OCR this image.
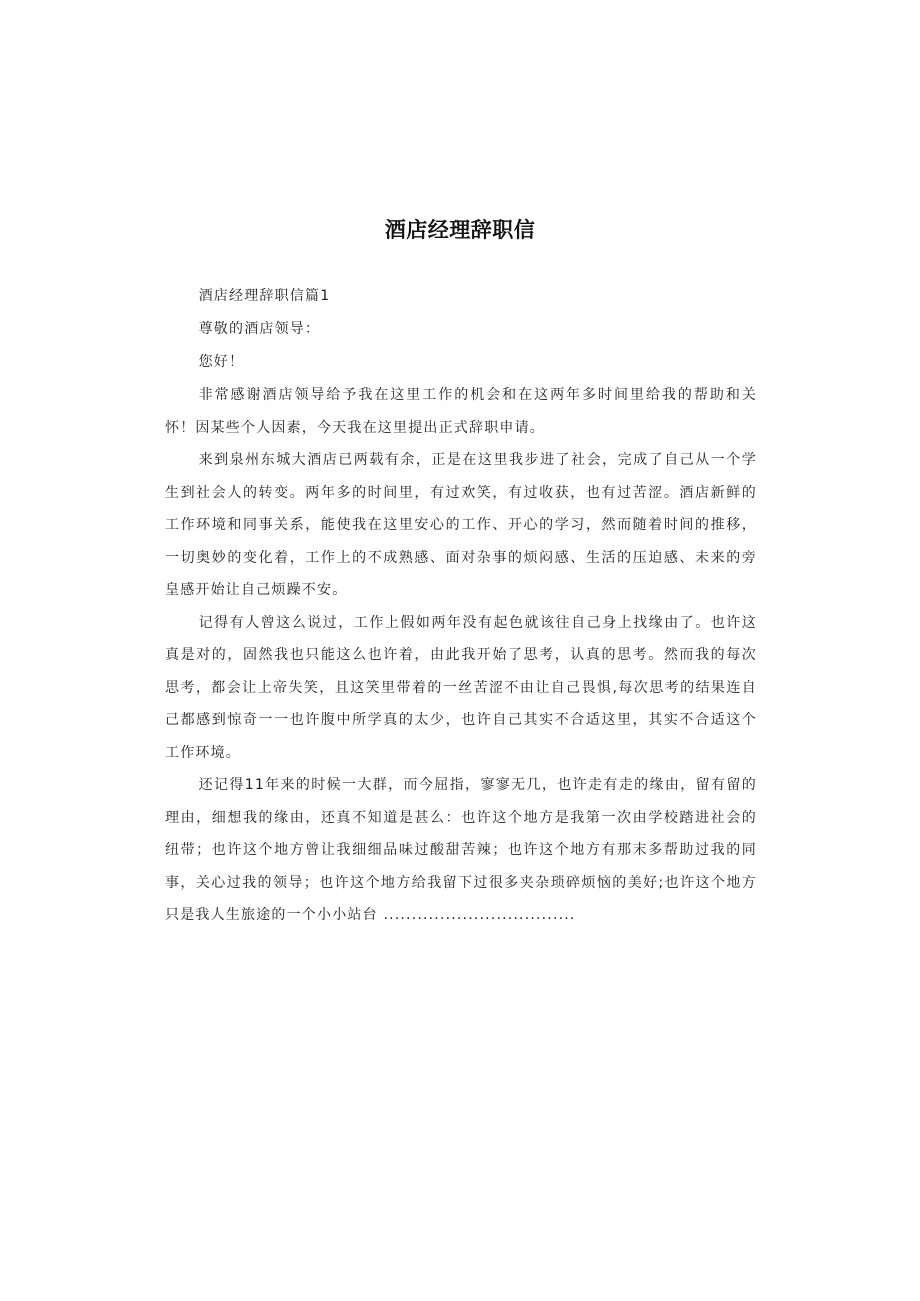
酒店经理辞职信

酒店经理辞职信篇1

尊敬的酒店领导：

您好！

非常感谢酒店领导给予我在这里工作的机会和在这两年多时间里给我的帮助和关怀！因某些个人因素，今天我在这里提出正式辞职申请。

来到泉州东城大酒店已两载有余，正是在这里我步进了社会，完成了自己从一个学生到社会人的转变。两年多的时间里，有过欢笑，有过收获，也有过苦涩。酒店新鲜的工作环境和同事关系，能使我在这里安心的工作、开心的学习，然而随着时间的推移，一切奥妙的变化着，工作上的不成熟感、面对杂事的烦闷感、生活的压迫感、未来的旁皇感开始让自己烦躁不安。

记得有人曾这么说过，工作上假如两年没有起色就该往自己身上找缘由了。也许这真是对的，固然我也只能这么也许着，由此我开始了思考，认真的思考。然而我的每次思考，都会让上帝失笑，且这笑里带着的一丝苦涩不由让自己畏惧,每次思考的结果连自己都感到惊奇一一也许腹中所学真的太少，也许自己其实不合适这里，其实不合适这个工作环境。

还记得11年来的时候一大群，而今屈指，寥寥无几，也许走有走的缘由，留有留的理由，细想我的缘由，还真不知道是甚么：也许这个地方是我第一次由学校踏进社会的纽带；也许这个地方曾让我细细品味过酸甜苦辣；也许这个地方有那末多帮助过我的同事，关心过我的领导；也许这个地方给我留下过很多夹杂琐碎烦恼的美好;也许这个地方只是我人生旅途的一个小小站台 ..................................
